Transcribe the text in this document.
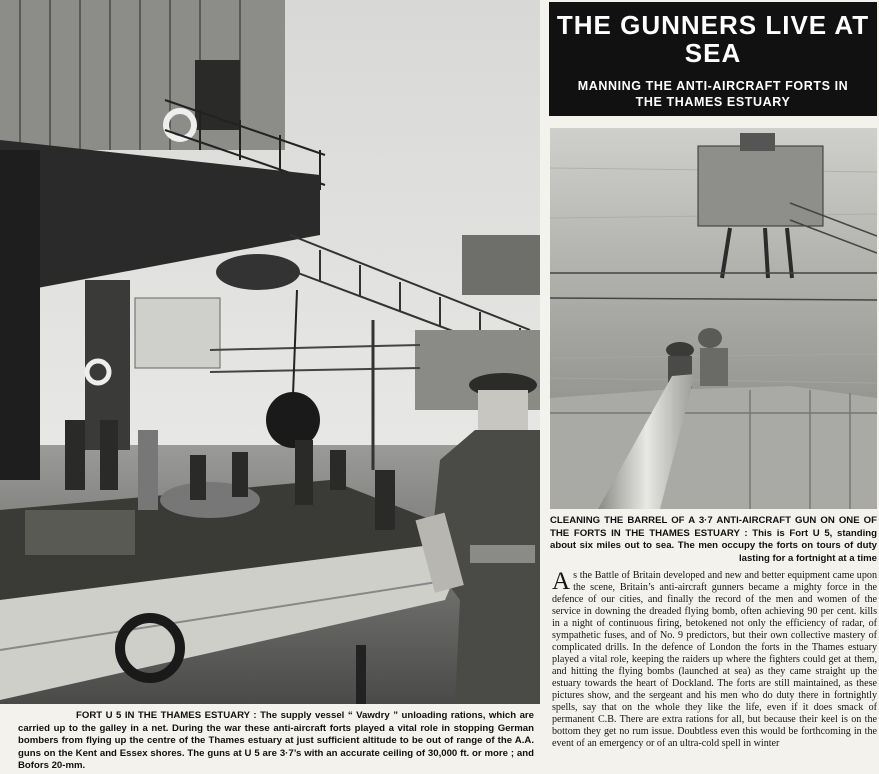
THE GUNNERS LIVE AT SEA
MANNING THE ANTI-AIRCRAFT FORTS IN THE THAMES ESTUARY
CLEANING THE BARREL OF A 3·7 ANTI-AIRCRAFT GUN ON ONE OF THE FORTS IN THE THAMES ESTUARY : This is Fort U 5, standing about six miles out to sea. The men occupy the forts on tours of duty lasting for a fortnight at a time
As the Battle of Britain developed and new and better equipment came upon the scene, Britain’s anti-aircraft gunners became a mighty force in the defence of our cities, and finally the record of the men and women of the service in downing the dreaded flying bomb, often achieving 90 per cent. kills in a night of continuous firing, betokened not only the efficiency of radar, of sympathetic fuses, and of No. 9 predictors, but their own collective mastery of complicated drills. In the defence of London the forts in the Thames estuary played a vital role, keeping the raiders up where the fighters could get at them, and hitting the flying bombs (launched at sea) as they came straight up the estuary towards the heart of Dockland. The forts are still maintained, as these pictures show, and the sergeant and his men who do duty there in fortnightly spells, say that on the whole they like the life, even if it does smack of permanent C.B. There are extra rations for all, but because their keel is on the bottom they get no rum issue. Doubtless even this would be forthcoming in the event of an emergency or of an ultra-cold spell in winter
FORT U 5 IN THE THAMES ESTUARY : The supply vessel “ Vawdry ” unloading rations, which are carried up to the galley in a net. During the war these anti-aircraft forts played a vital role in stopping German bombers from flying up the centre of the Thames estuary at just sufficient altitude to be out of range of the A.A. guns on the Kent and Essex shores. The guns at U 5 are 3·7’s with an accurate ceiling of 30,000 ft. or more ; and Bofors 20-mm.
